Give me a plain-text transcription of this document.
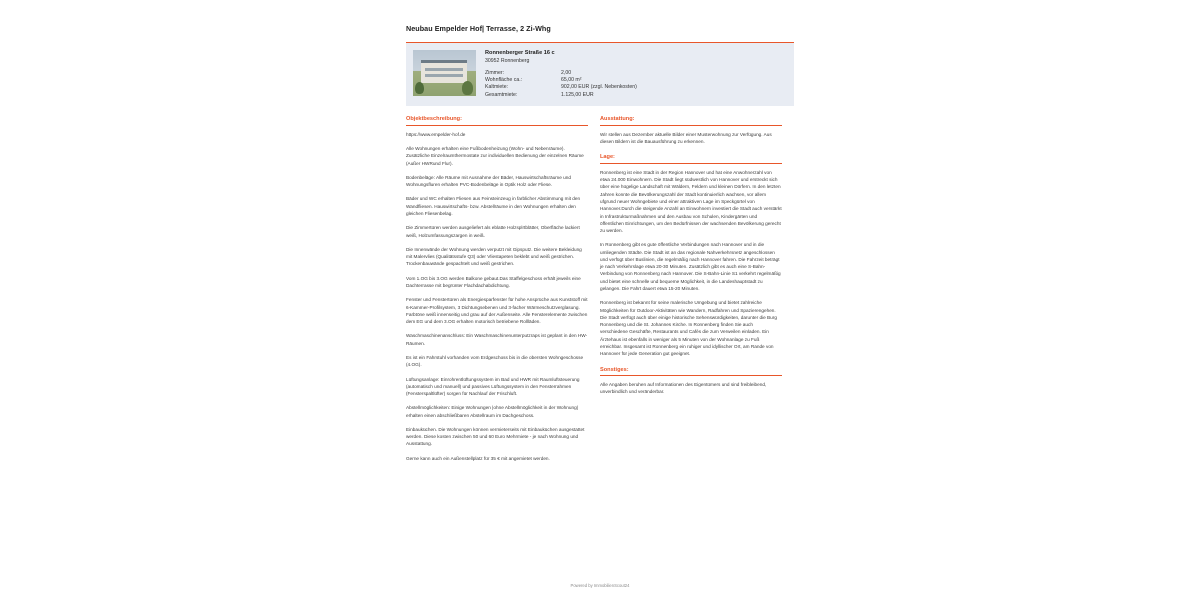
Neubau Empelder Hof| Terrasse, 2 Zi-Whg
Ronnenberger Straße 16 c
30952 Ronnenberg
Zimmer:	2,00
Wohnfläche ca.:	65,00 m²
Kaltmiete:	902,00 EUR (zzgl. Nebenkosten)
Gesamtmiete:	1.125,00 EUR
Objektbeschreibung:

https://www.empelder-hof.de

Alle Wohnungen erhalten eine Fußbodenheizung (Wohn- und Nebenräume). Zusätzliche Einzelraumthermostate zur individuellen Bedienung der einzelnen Räume (Außer HWRund Flur).

Bodenbeläge: Alle Räume mit Ausnahme der Bäder, Hauswirtschaftsräume und Wohnungsfluren erhalten PVC-Bodenbeläge in Optik Holz oder Fliese.

Bäder und WC erhalten Fliesen aus Feinsteinzeug in farblicher Abstimmung mit den Wandfliesen. Hauswirtschafts- bzw. Abstellräume in den Wohnungen erhalten den gleichen Fliesenbelag.

Die Zimmertüren werden ausgeliefert als eblatte Holzsplrtblätter, Oberfläche lackiert weiß, Holzumfassungszargen in weiß.

Die Innenwände der Wohnung werden verputzt mit Gipsputz. Die weitere Bekleidung mit Malervlies (Qualitätsstufe Q3) oder Vliestapeten beklebt und weiß gestrichen. Trockenbauwände gespachtelt und weiß gestrichen.

Vom 1.OG bis 3.OG werden Balkone gebaut.Das Staffelgeschoss erhält jeweils eine Dachterrasse mit begrünter Flachdachabdichtung.

Fenster und Fenstertüren als Energiesparfenster für hohe Ansprüche aus Kunststoff mit 6-Kammer-Profilsystem, 3 Dichtungsebenen und 3-facher Wärmeschutzverglasung. Farbtöne weiß innenseitig und grau auf der Außenseite. Alle Fensterelemente zwischen dem EG und dem 3.OG erhalten motorisch betriebene Rollläden.

Waschmaschinenanschluss: Ein Waschmaschinenunterputzraps ist geplant in den HW-Räumen.

Es ist ein Fahrstuhl vorhanden vom Erdgeschoss bis in die obersten Wohngeschosse (4.OG).

Lüftungsanlage: Einrohrentlüftungssystem im Bad und HWR mit Raumluftsteuerung (automatisch und manuell) und passives Lüftungssystem in den Fensterrahmen (Fensterspaltlüfter) sorgen für Nachlauf der Frischluft.

Abstellmöglichkeiten: Einige Wohnungen |ohne Abstellmöglichkeit in der Wohnung| erhalten einen abschließbaren Abstellraum im Dachgeschoss.

Einbauküchen. Die Wohnungen können vermieterseits mit Einbauküchen ausgestattet werden. Diese kosten zwischen 50 und 60 Euro Mehrmiete - je nach Wohnung und Ausstattung.

Gerne kann auch ein Außenstellplatz für 35 € mit angemietet werden.

Ausstattung:

Wir stellen aus Dezember aktuelle Bilder einer Musterwohnung zur Verfügung. Aus diesen Bildern ist die Bauausführung zu erkennen.

Lage:

Ronnenberg ist eine Stadt in der Region Hannover und hat eine Anwohnerzahl von etwa 24.000 Einwohnern. Die Stadt liegt südwestlich von Hannover und erstreckt sich über eine hügelige Landschaft mit Wäldern, Feldern und kleinen Dörfern. In den letzten Jahren konnte die Bevölkerungszahl der Stadt kontinuierlich wachsen, vor allem ufgrund neuer Wohngebiete und einer attraktiven Lage im Speckgürtel von Hannover.Durch die steigende Anzahl an Einwohnern investiert die Stadt auch verstärkt in Infrastrukturmaßnahmen und den Ausbau von Schulen, Kindergärten und öffentlichen Einrichtungen, um den Bedürfnissen der wachsenden Bevölkerung gerecht zu werden.

In Ronnenberg gibt es gute öffentliche Verbindungen nach Hannover und in die umliegenden Städte. Die Stadt ist an das regionale Nahverkehrsnetz angeschlossen und verfügt über Buslinien, die regelmäßig nach Hannover fahren. Die Fahrzeit beträgt je nach Verkehrslage etwa 20-30 Minuten. Zusätzlich gibt es auch eine S-Bahn-Verbindung von Ronnenberg nach Hannover. Die S-Bahn-Linie S1 verkehrt regelmäßig und bietet eine schnelle und bequeme Möglichkeit, in die Landeshauptstadt zu gelangen. Die Fahrt dauert etwa 15-20 Minuten.

Ronnenberg ist bekannt für seine malerische Umgebung und bietet zahlreiche Möglichkeiten für Outdoor-Aktivitäten wie Wandern, Radfahren und Spazierengehen. Die Stadt verfügt auch über einige historische Sehenswürdigkeiten, darunter die Burg Ronnenberg und die St. Johannes Kirche. In Ronnenberg finden Sie auch verschiedene Geschäfte, Restaurants und Cafés die zum Verweilen einladen. Ein Ärztehaus ist ebenfalls in weniger als 5 Minuten von der Wohnanlage zu Fuß erreichbar. Insgesamt ist Ronnenberg ein ruhiger und idyllischer Ort, am Rande von Hannover für jede Generation gut geeignet.

Sonstiges:

Alle Angaben beruhen auf Informationen des Eigentümers und sind freibleibend, unverbindlich und veränderbar.

Powered by ImmobilienScout24
